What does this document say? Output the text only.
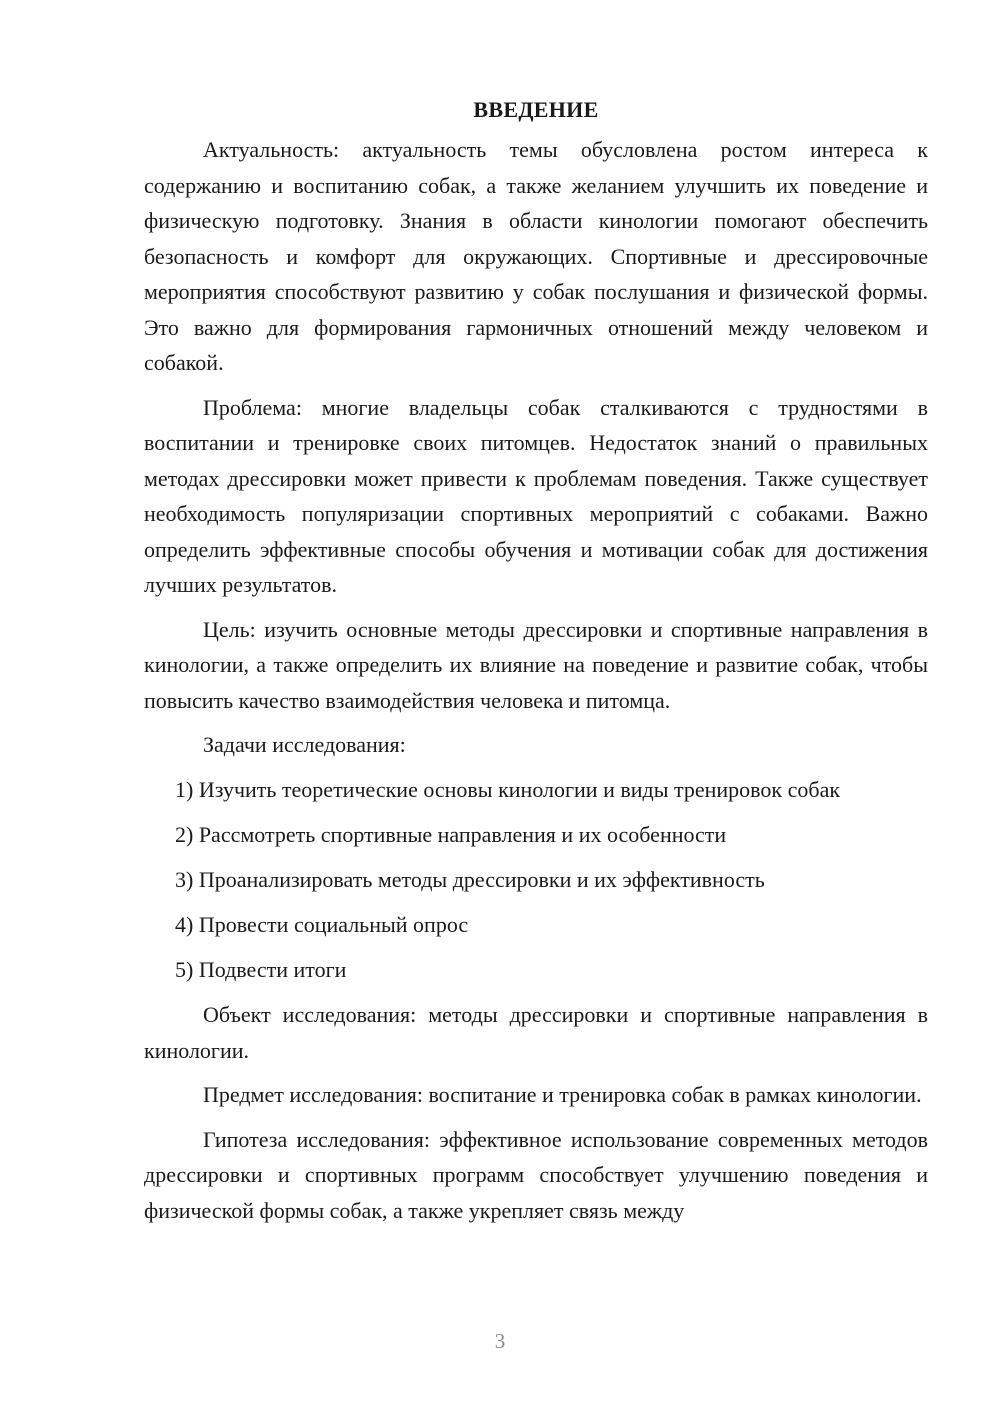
ВВЕДЕНИЕ

Актуальность: актуальность темы обусловлена ростом интереса к содержанию и воспитанию собак, а также желанием улучшить их поведение и физическую подготовку. Знания в области кинологии помогают обеспечить безопасность и комфорт для окружающих. Спортивные и дрессировочные мероприятия способствуют развитию у собак послушания и физической формы. Это важно для формирования гармоничных отношений между человеком и собакой.

Проблема: многие владельцы собак сталкиваются с трудностями в воспитании и тренировке своих питомцев. Недостаток знаний о правильных методах дрессировки может привести к проблемам поведения. Также существует необходимость популяризации спортивных мероприятий с собаками. Важно определить эффективные способы обучения и мотивации собак для достижения лучших результатов.

Цель: изучить основные методы дрессировки и спортивные направления в кинологии, а также определить их влияние на поведение и развитие собак, чтобы повысить качество взаимодействия человека и питомца.

Задачи исследования:

1) Изучить теоретические основы кинологии и виды тренировок собак
2) Рассмотреть спортивные направления и их особенности
3) Проанализировать методы дрессировки и их эффективность
4) Провести социальный опрос
5) Подвести итоги

Объект исследования: методы дрессировки и спортивные направления в кинологии.

Предмет исследования: воспитание и тренировка собак в рамках кинологии.

Гипотеза исследования: эффективное использование современных методов дрессировки и спортивных программ способствует улучшению поведения и физической формы собак, а также укрепляет связь между

3
